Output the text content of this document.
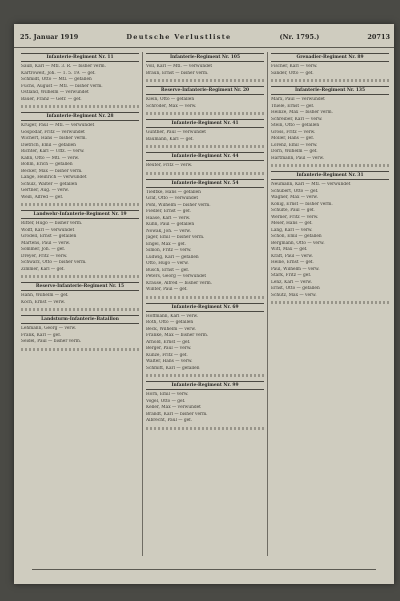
25. Januar 1919	Deutsche Verlustliste	(Nr. 1795.)	20713
Infanterie-Regiment Nr. 11
Sauß, Karl — Mtl. 3. R. — bisher verm.
Kartroweit, Joh. — 1. 5. 19. — gef.
Schmidt, Otto — Mtl. — gefallen
Fuchs, August — Mtl. — bisher verm.
Ostland, Wilhelm — verwundet
Bauer, Franz — Gefr. — gef.
Infanterie-Regiment Nr. 28
Krüger, Paul — Mtl. — verwundet
Gospodar, Fritz — verwundet
Wichert, Hans — bisher verm.
Dietrich, Emil — gefallen
Richter, Karl — Uffz. — verw.
Kahn, Otto — Mtl. — verw.
Böhm, Erich — gefallen
Becker, Max — bisher verm.
Lange, Heinrich — verwundet
Schulz, Walter — gefallen
Gertner, Aug. — verw.
Weiß, Alfred — gef.
Landwehr-Infanterie-Regiment Nr. 19
Ritter, Hugo — bisher verm.
Wolff, Karl — verwundet
Grodell, Ernst — gefallen
Martens, Paul — verw.
Sommer, Joh. — gef.
Dreyer, Fritz — verw.
Schwarz, Otto — bisher verm.
Zimmer, Karl — gef.
Reserve-Infanterie-Regiment Nr. 15
Hahn, Wilhelm — gef.
Koch, Ernst — verw.
Landsturm-Infanterie-Bataillon
Lehmann, Georg — verw.
Frank, Karl — gef.
Seidel, Paul — bisher verm.
Infanterie-Regiment Nr. 105
Voll, Karl — Mtl. — verwundet
Braun, Ernst — bisher verm.
Reserve-Infanterie-Regiment Nr. 20
Klein, Otto — gefallen
Schröder, Max — verw.
Infanterie-Regiment Nr. 41
Günther, Paul — verwundet
Baumann, Karl — gef.
Infanterie-Regiment Nr. 44
Reuter, Fritz — verw.
Infanterie-Regiment Nr. 54
Tiedtke, Hans — gefallen
Graf, Otto — verwundet
Pohl, Wilhelm — bisher verm.
Fiedler, Ernst — gef.
Haase, Karl — verw.
Kühn, Paul — gefallen
Nowak, Joh. — verw.
Jäger, Emil — bisher verm.
Engel, Max — gef.
Simon, Fritz — verw.
Ludwig, Karl — gefallen
Otto, Hugo — verw.
Busch, Ernst — gef.
Peters, Georg — verwundet
Krause, Alfred — bisher verm.
Winter, Paul — gef.
Infanterie-Regiment Nr. 69
Hoffmann, Karl — verw.
Roth, Otto — gefallen
Beck, Wilhelm — verw.
Franke, Max — bisher verm.
Arnold, Ernst — gef.
Berger, Paul — verw.
Kunze, Fritz — gef.
Walter, Hans — verw.
Schmitt, Karl — gefallen
Infanterie-Regiment Nr. 99
Horn, Emil — verw.
Vogel, Otto — gef.
Keller, Max — verwundet
Brandt, Karl — bisher verm.
Albrecht, Paul — gef.
Grenadier-Regiment Nr. 89
Fischer, Karl — verw.
Sander, Otto — gef.
Infanterie-Regiment Nr. 135
Marx, Paul — verwundet
Thiele, Ernst — gef.
Heinze, Max — bisher verm.
Schreiber, Karl — verw.
Stein, Otto — gefallen
Gross, Fritz — verw.
Möller, Hans — gef.
Lorenz, Emil — verw.
Dorn, Wilhelm — gef.
Hartmann, Paul — verw.
Infanterie-Regiment Nr. 31
Neumann, Karl — Mtl. — verwundet
Schubert, Otto — gef.
Wagner, Max — verw.
König, Ernst — bisher verm.
Schulte, Paul — gef.
Werner, Fritz — verw.
Meier, Hans — gef.
Lang, Karl — verw.
Schön, Emil — gefallen
Bergmann, Otto — verw.
Witt, Max — gef.
Kraft, Paul — verw.
Heine, Ernst — gef.
Paul, Wilhelm — verw.
Stark, Fritz — gef.
Lenz, Karl — verw.
Ernst, Otto — gefallen
Schütz, Max — verw.
